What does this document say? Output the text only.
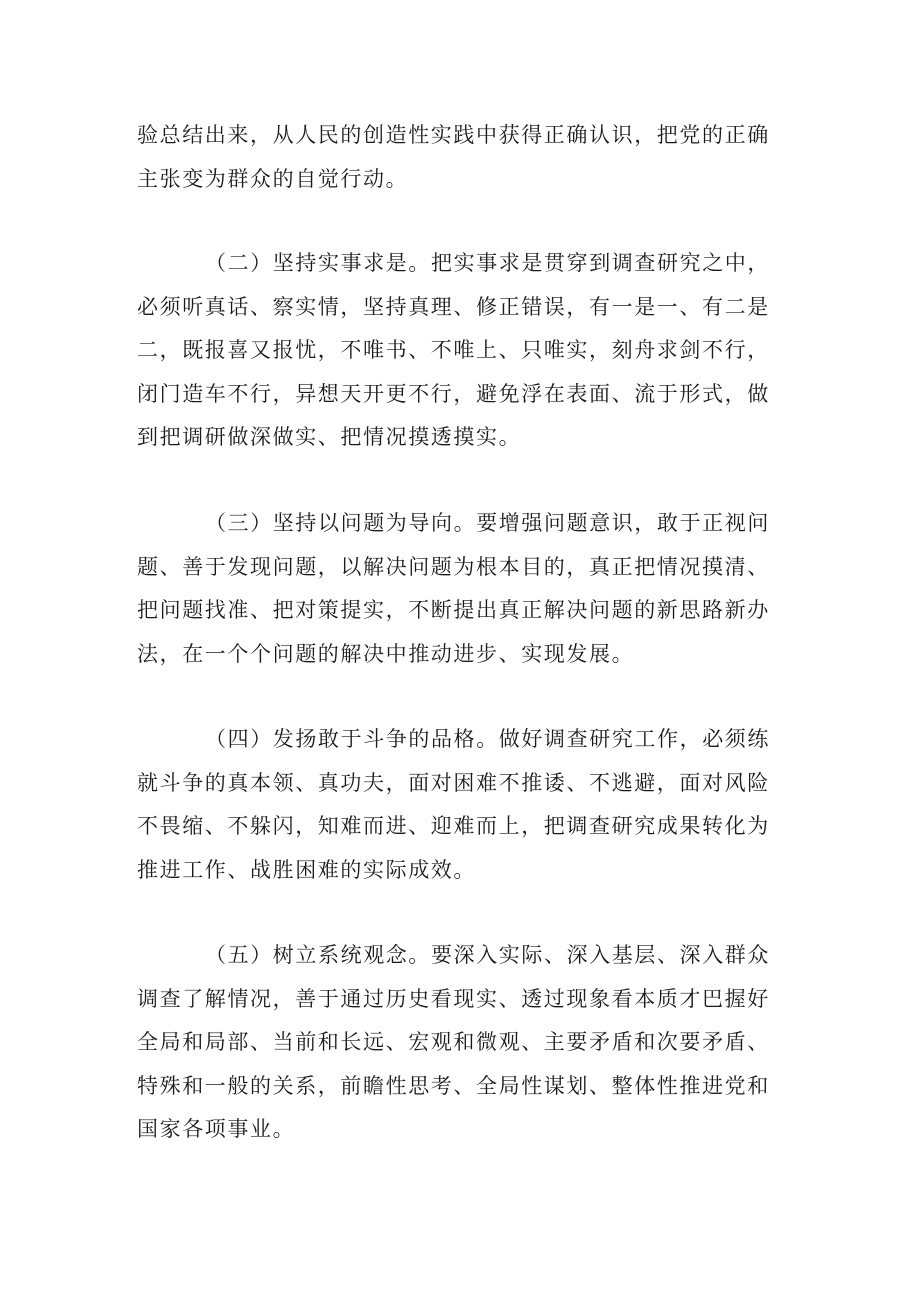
验总结出来，从人民的创造性实践中获得正确认识，把党的正确
主张变为群众的自觉行动。
（二）坚持实事求是。把实事求是贯穿到调查研究之中，
必须听真话、察实情，坚持真理、修正错误，有一是一、有二是
二，既报喜又报忧，不唯书、不唯上、只唯实，刻舟求剑不行，
闭门造车不行，异想天开更不行，避免浮在表面、流于形式，做
到把调研做深做实、把情况摸透摸实。
（三）坚持以问题为导向。要增强问题意识，敢于正视问
题、善于发现问题，以解决问题为根本目的，真正把情况摸清、
把问题找准、把对策提实，不断提出真正解决问题的新思路新办
法，在一个个问题的解决中推动进步、实现发展。
（四）发扬敢于斗争的品格。做好调查研究工作，必须练
就斗争的真本领、真功夫，面对困难不推诿、不逃避，面对风险
不畏缩、不躲闪，知难而进、迎难而上，把调查研究成果转化为
推进工作、战胜困难的实际成效。
（五）树立系统观念。要深入实际、深入基层、深入群众
调查了解情况，善于通过历史看现实、透过现象看本质才巴握好
全局和局部、当前和长远、宏观和微观、主要矛盾和次要矛盾、
特殊和一般的关系，前瞻性思考、全局性谋划、整体性推进党和
国家各项事业。
